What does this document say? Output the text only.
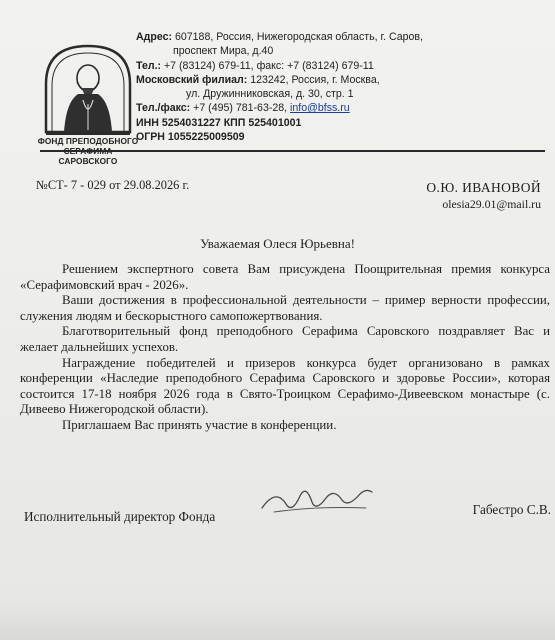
ФОНД ПРЕПОДОБНОГО
САРОВСКОГО
Адрес: 607188, Россия, Нижегородская область, г. Саров,
проспект Мира, д.40
Тел.: +7 (83124) 679-11, факс: +7 (83124) 679-11
Московский филиал: 123242, Россия, г. Москва,
ул. Дружинниковская, д. 30, стр. 1
Тел./факс: +7 (495) 781-63-28, info@bfss.ru
ИНН 5254031227 КПП 525401001
ОГРН 1055225009509
№СТ- 7 - 029 от 29.08.2026 г.	О.Ю. ИВАНОВОЙ
olesia29.01@mail.ru
Уважаемая Олеся Юрьевна!

Решением экспертного совета Вам присуждена Поощрительная премия конкурса «Серафимовский врач - 2026».

Ваши достижения в профессиональной деятельности – пример верности профессии, служения людям и бескорыстного самопожертвования.

Благотворительный фонд преподобного Серафима Саровского поздравляет Вас и желает дальнейших успехов.

Награждение победителей и призеров конкурса будет организовано в рамках конференции «Наследие преподобного Серафима Саровского и здоровье России», которая состоится 17-18 ноября 2026 года в Свято-Троицком Серафимо-Дивеевском монастыре (с. Дивеево Нижегородской области).

Приглашаем Вас принять участие в конференции.

Исполнительный директор Фонда	Габестро С.В.
